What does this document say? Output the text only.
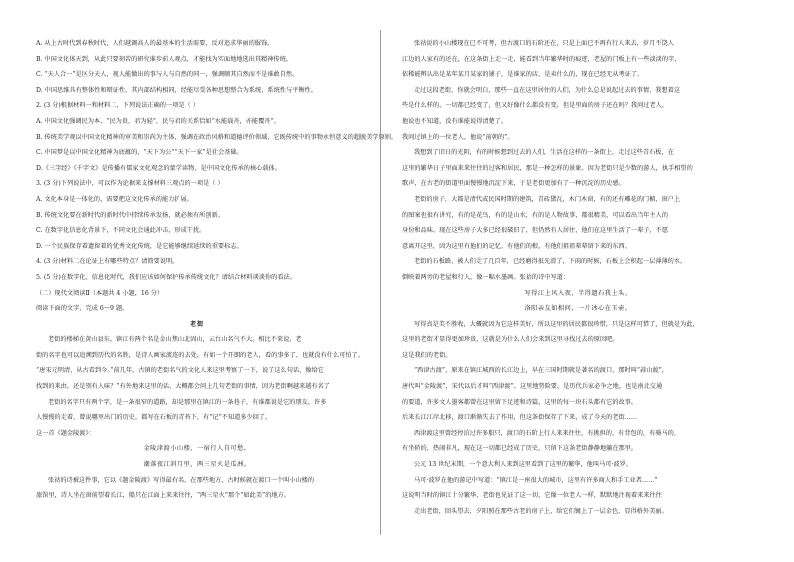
A. 从上古时代到春秋时代，人们越调高人的最基本的生活需要，反对追求华丽的服饰。
B. 中国文化体天到，从此只要刻苦的研究谁步前人观点，才能找为实面地地选出其精神传统。
C. “天人合一”是区分天人，视人能做出的事与人与自然的同一，强调顺其自然而不是谁敢自然。
D. 中国思维具有整体性和辩证性，其内部结构相同，经能尽受各种思想整合为系统、系统性与平衡性。
2. (3 分)根据材料一和材料二，下列说法正确的一项是（ ）
A. 中国文化强调民为本，“民为贵，君为轻”，民与君的关系恰如“水能载舟，亦能覆舟”。
B. 传统美学观以中国文化精神的审美和崇尚为主体，强调在政治风格和道德评价领域，它既传统中的事物永恒意义的超脱美学原则。
C. 中国梦是以中国文化精神为底蕴的，“天下为公”“天下一家”是社会基础。
D.《三字经》《千字文》是传播有儒家文化观念的蒙学读物，是中国文化传承的核心载体。
3. (3 分)下列说法中，可以作为论据来支撑材料三观点的一项是（ ）
A. 文化本身是一体化的，需要把这文化传承的能力扩展。
B. 传统文化要在新时代的新时代中持续传承发扬，就必须有所创新。
C. 在数字化信息化背景下，不同文化会通此冲击，形成干扰。
D. 一个民族保存着遗留着的优秀文化传统，是它能够继续延续的重要标志。
4. (3 分)材料二在论证上有哪些特点？请简要说明。
5. (5 分)在数字化、信息化时代，我们应该如何保护传承传统文化？请结合材料谈谈你的看法。
（二）现代文阅读Ⅱ（本题共 4 小题，16 分）
阅读下面的文字，完成 6～9 题。
老街
老街的楼梯在黄山县东。镇江有两个名是金山焦山北固山，云台山名气不大。相比不来说，老
街的名字也可以追溯到历代的名胜，是诗人画家流连的去处，有如一个开朗的老人，看的事多了，也就没有什么可怕了。
“唐宋元明清，从古看到今。”前几年，古镇的老街名气的文化人来这里考察了一下，说了这么句话，像给它
找到的来由，还是别有人味？”有外地来这里的话，大概都会问上几句老街的事情，因为老街啊越来越有名了
老街的名字只有两个字，是一条很窄的道路，却是那里在镇江的一条巷子，有谁都说是它的朋友，许多
人慢慢的走着，曾说哪里出门的历史，都写在石板的青苔下，有“记”不知道多少回了。
这一首《题金陵渡》：
金陵津渡小山楼，一宿行人自可愁。
潮落夜江斜月里，两三星火是瓜洲。
张祜的诗被这件事，它以《题金陵渡》写得最有名，在那些地方，古时候就在渡口一个叫小山楼的
旅馆里，诗人坐在窗前望着长江，船只在江面上来来往往，“两三星火”那个“如此美”的地方。
张祜说的小山楼现在已不可考，但古渡口的石阶还在，只是上面已不再有行人来去，岁月不饶人
江边的人家有的还在，在这条街上走一走，能看到当年繁华时的痕迹，老屋的门板上有一些淡淡的字，
依稀能辨认出是某年某月某家的铺子，是谁家的店，是卖什么的，现在已经无从考证了。
走过这段老街，你就会明白，那些一直在这里居住的人们，为什么总是说起过去的事情，我想着这
些是什么样的，一切都已经变了，但又好像什么都没有变。但是里面的房子还在吗？我问过老人，
他说也不知道，没有谁能说得清楚了。
我问过镇上的一位老人，他说“前朝的”。
我想到了旧日的光阴，有的时候想到过去的人们，生活在这样的一条街上，走过这些青石板，在
这里的繁华日子里面来来往往的过客和居民，那是一种怎样的景象。因为老街只是少数的游人，执手相望的
歌声，在古老的街道里面慢慢地沉淀下来，于是老街更加有了一种沉淀的历史感。
老街的房子，大都是清代或民国时期的建筑，青砖黛瓦，木门木窗，有的还有雕花的门楣，窗户上
的图案也很有讲究，有的是花鸟，有的是山水，有的是人物故事，都很精美，可以看出当年主人的
身份和品味。现在这些房子大多已经很破旧了，但仍然有人居住，他们在这里生活了一辈子，不愿
意离开这里，因为这里有他们的记忆，有他们的根，有他们祖祖辈辈留下来的东西。
老街的石板路，被人们走了几百年，已经磨得很光滑了，下雨的时候，石板上会积起一层薄薄的水，
倒映着两旁的老屋和行人，像一幅水墨画。张祜的诗中写道：
写得江上风入夜，半得遗石我上头。
洛阳亲友如相问，一片冰心在玉壶。
写得真是美不胜收，大概就因为它这样美好，所以这里的居民都很珍惜，只是这样可惜了，但就是为此，
这里的老街才显得更加珍贵，这就是为什么人们会来到这里寻找过去的原因吧。
这是我们的老街。
“西津古渡”，原来在镇江城西的长江边上，早在三国时期就是著名的渡口，那时叫“蒜山渡”，
唐代叫“金陵渡”，宋代以后才叫“西津渡”。这里地势险要，是历代兵家必争之地，也是南北交通
的要道，许多文人墨客都曾在这里留下足迹和诗篇，这里的每一块石头都有它的故事。
后来长江江岸北移，渡口渐渐失去了作用，但这条街保存了下来，成了今天的老街……
西津渡这里曾经停泊过许多船只，渡口的石阶上行人来来往往，有挑担的，有背包的，有骑马的，
有坐轿的，热闹非凡，现在这一切都已经成了历史，只留下这条老街静静地躺在那里。
公元 13 世纪末期，一个意大利人来到这里看到了这里的繁华，他叫马可·波罗。
马可·波罗在他的游记中写道：“镇江是一座很大的城市，这里有许多商人和手工业者……”
这说明当时的镇江十分繁华，老街也见证了这一切，它像一位老人一样，默默地注视着来来往往
走出老街，回头望去，夕阳照在那些古老的房子上，给它们镀上了一层金色，显得格外美丽。
